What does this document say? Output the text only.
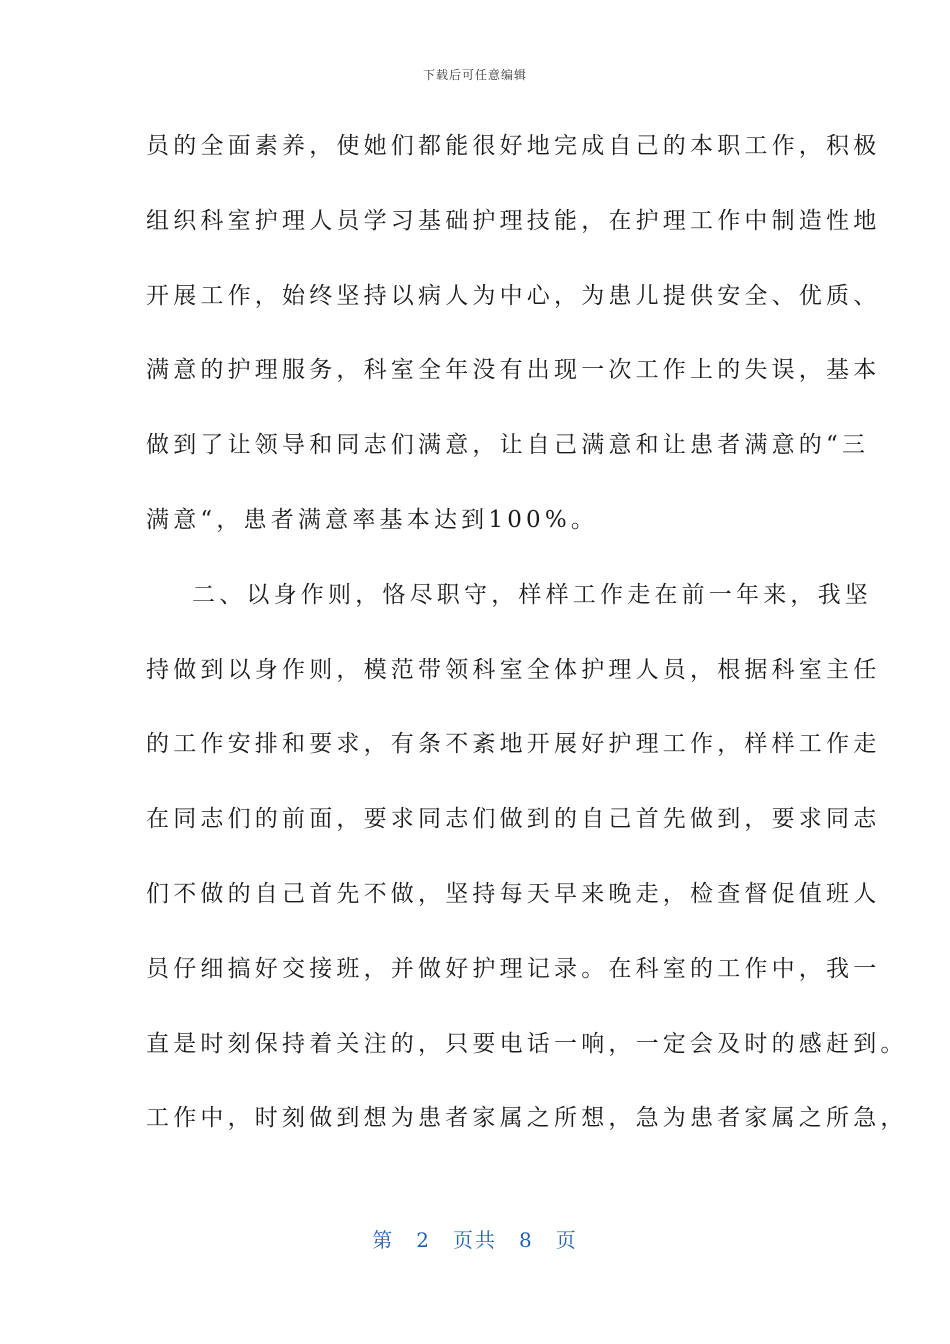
下载后可任意编辑
员的全面素养，使她们都能很好地完成自己的本职工作，积极
组织科室护理人员学习基础护理技能，在护理工作中制造性地
开展工作，始终坚持以病人为中心，为患儿提供安全、优质、
满意的护理服务，科室全年没有出现一次工作上的失误，基本
做到了让领导和同志们满意，让自己满意和让患者满意的“三
满意“，患者满意率基本达到100%。
二、以身作则，恪尽职守，样样工作走在前一年来，我坚
持做到以身作则，模范带领科室全体护理人员，根据科室主任
的工作安排和要求，有条不紊地开展好护理工作，样样工作走
在同志们的前面，要求同志们做到的自己首先做到，要求同志
们不做的自己首先不做，坚持每天早来晚走，检查督促值班人
员仔细搞好交接班，并做好护理记录。在科室的工作中，我一
直是时刻保持着关注的，只要电话一响，一定会及时的感赶到。
工作中，时刻做到想为患者家属之所想，急为患者家属之所急，
第 2 页共 8 页
